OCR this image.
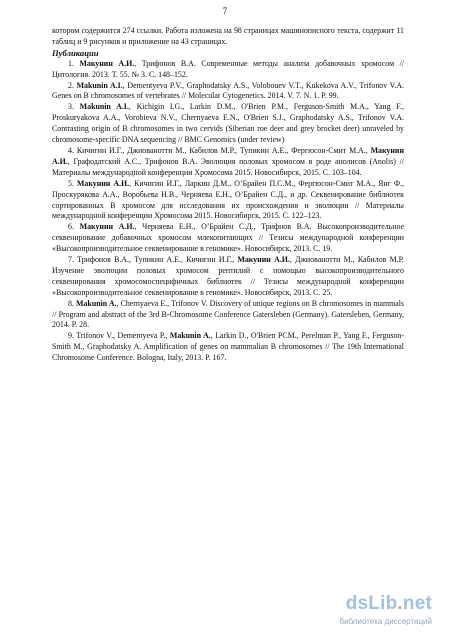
7

котором содержится 274 ссылки. Работа изложена на 98 страницах машинописного текста, содержит 11 таблиц и 9 рисунков и приложение на 43 страницах.

Публикации

1. Макунин А.И., Трифонов В.А. Современные методы анализа добавочных хромосом // Цитология. 2013. Т. 55. № 3. С. 148–152.

2. Makunin A.I., Dementyeva P.V., Graphodatsky A.S., Volobouev V.T., Kukekova A.V., Trifonov V.A. Genes on B chromosomes of vertebrates // Molecular Cytogenetics. 2014. V. 7. N. 1. P. 99.

3. Makunin A.I., Kichigin I.G., Larkin D.M., O'Brien P.M., Ferguson-Smith M.A., Yang F., Proskuryakova A.A., Vorobieva N.V., Chernyaeva E.N., O'Brien S.J., Graphodatsky A.S., Trifonov V.A. Contrasting origin of B chromosomes in two cervids (Siberian roe deer and grey brocket deer) unraveled by chromosome-specific DNA sequencing // BMC Genomics (under review)

4. Кичигин И.Г., Джиованотти М., Кабилов М.Р., Тупикин А.Е., Фергюсон-Смит М.А., Макунин А.И., Графодатский А.С., Трифонов В.А. Эволюция половых хромосом в роде анолисов (Anolis) // Материалы международной конференции Хромосома 2015. Новосибирск, 2015. С. 103–104.

5. Макунин А.И., Кичигин И.Г., Ларкин Д.М., О’Брайен П.С.М., Фергюсон-Смит М.А., Янг Ф., Проскурякова А.А., Воробьева Н.В., Черняева Е.Н., О’Брайен С.Д., и др. Секвенирование библиотек сортированных В хромосом для исследования их происхождения и эволюции // Материалы международной конференции Хромосома 2015. Новосибирск, 2015. С. 122–123.

6. Макунин А.И., Черняева Е.Н., О’Брайен С.Д., Трифнов В.А. Высокопроизводительное секвенирование добавочных хромосом млекопитающих // Тезисы международной конференции «Высокопроизводительное секвенирование в геномике». Новосибирск, 2013. С. 19.

7. Трифонов В.А., Тупикин А.Е., Кичигин И.Г., Макунин А.И., Джиованотти М., Кабилов М.Р. Изучение эволюции половых хромосом рептилий с помощью высокопроизводительного секвенирования хромосомоспецифичных библиотек // Тезисы международной конференции «Высокопроизводительное секвенирование в геномике». Новосибирск, 2013. С. 25.

8. Makunin A., Chernyaeva E., Trifonov V. Discovery of unique regions on B chromosomes in mammals // Program and abstract of the 3rd B-Chromosome Conference Gatersleben (Germany). Gatersleben, Germany, 2014. P. 28.

9. Trifonov V., Dementyeva P., Makunin A., Larkin D., O'Brien PCM., Perelman P., Yang F., Ferguson-Smith M., Graphodatsky A. Amplification of genes on mammalian B chromosomes // The 19th International Chromosome Conference. Bologna, Italy, 2013. P. 167.

dsLib.net
библиотека диссертаций
